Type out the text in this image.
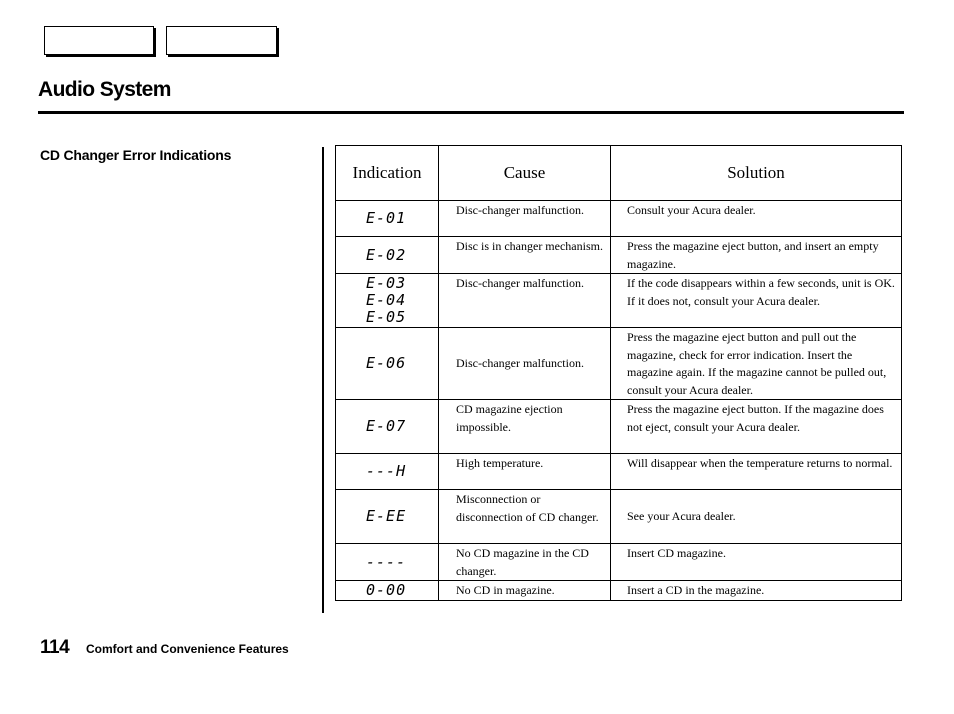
Audio System
CD Changer Error Indications
Indication	Cause	Solution

E-01	Disc-changer malfunction.	Consult your Acura dealer.

E-02	Disc is in changer mechanism.	Press the magazine eject button, and insert an empty magazine.

E-03
E-04
E-05	Disc-changer malfunction.	If the code disappears within a few seconds, unit is OK. If it does not, consult your Acura dealer.

E-06	Disc-changer malfunction.	Press the magazine eject button and pull out the magazine, check for error indication. Insert the magazine again. If the magazine cannot be pulled out, consult your Acura dealer.

E-07	CD magazine ejection impossible.	Press the magazine eject button. If the magazine does not eject, consult your Acura dealer.

---H	High temperature.	Will disappear when the temperature returns to normal.

E-EE	Misconnection or disconnection of CD changer.	See your Acura dealer.

----	No CD magazine in the CD changer.	Insert CD magazine.

0-00	No CD in magazine.	Insert a CD in the magazine.
114 Comfort and Convenience Features
